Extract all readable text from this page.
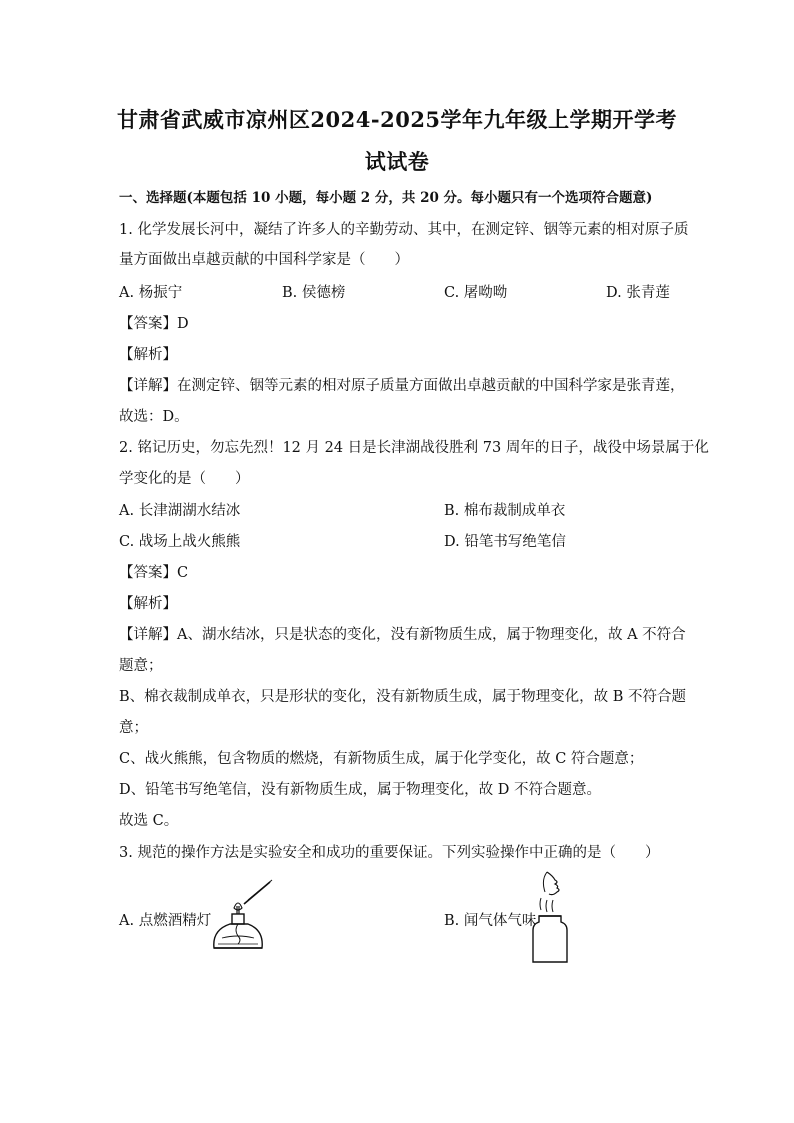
甘肃省武威市凉州区2024-2025学年九年级上学期开学考
试试卷
一、选择题(本题包括 10 小题，每小题 2 分，共 20 分。每小题只有一个选项符合题意)
1. 化学发展长河中，凝结了许多人的辛勤劳动、其中，在测定锌、铟等元素的相对原子质
量方面做出卓越贡献的中国科学家是（　　）
A. 杨振宁	B. 侯德榜	C. 屠呦呦	D. 张青莲
【答案】D
【解析】
【详解】在测定锌、铟等元素的相对原子质量方面做出卓越贡献的中国科学家是张青莲，
故选：D。
2. 铭记历史，勿忘先烈！12 月 24 日是长津湖战役胜利 73 周年的日子，战役中场景属于化
学变化的是（　　）
A. 长津湖湖水结冰	B. 棉布裁制成单衣
C. 战场上战火熊熊	D. 铅笔书写绝笔信
【答案】C
【解析】
【详解】A、湖水结冰，只是状态的变化，没有新物质生成，属于物理变化，故 A 不符合
题意；
B、棉衣裁制成单衣，只是形状的变化，没有新物质生成，属于物理变化，故 B 不符合题
意；
C、战火熊熊，包含物质的燃烧，有新物质生成，属于化学变化，故 C 符合题意；
D、铅笔书写绝笔信，没有新物质生成，属于物理变化，故 D 不符合题意。
故选 C。
3. 规范的操作方法是实验安全和成功的重要保证。下列实验操作中正确的是（　　）
A. 点燃酒精灯	B. 闻气体气味
